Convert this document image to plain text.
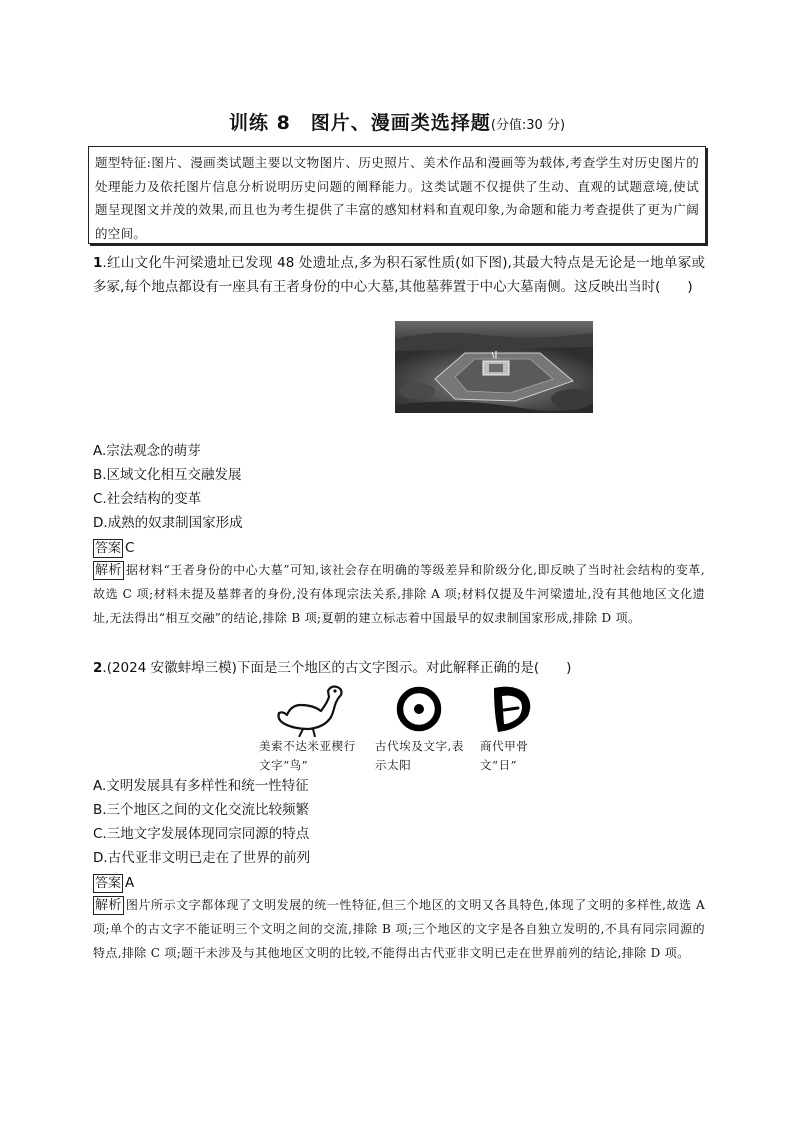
训练 8　图片、漫画类选择题(分值:30 分)

题型特征:图片、漫画类试题主要以文物图片、历史照片、美术作品和漫画等为载体,考查学生对历史图片的处理能力及依托图片信息分析说明历史问题的阐释能力。这类试题不仅提供了生动、直观的试题意境,使试题呈现图文并茂的效果,而且也为考生提供了丰富的感知材料和直观印象,为命题和能力考查提供了更为广阔的空间。

1.红山文化牛河梁遗址已发现 48 处遗址点,多为积石冢性质(如下图),其最大特点是无论是一地单冢或多冢,每个地点都设有一座具有王者身份的中心大墓,其他墓葬置于中心大墓南侧。这反映出当时(　　)

A.宗法观念的萌芽

B.区域文化相互交融发展

C.社会结构的变革

D.成熟的奴隶制国家形成

答案 C

解析 据材料“王者身份的中心大墓”可知,该社会存在明确的等级差异和阶级分化,即反映了当时社会结构的变革,故选 C 项;材料未提及墓葬者的身份,没有体现宗法关系,排除 A 项;材料仅提及牛河梁遗址,没有其他地区文化遗址,无法得出“相互交融”的结论,排除 B 项;夏朝的建立标志着中国最早的奴隶制国家形成,排除 D 项。

2.(2024 安徽蚌埠三模)下面是三个地区的古文字图示。对此解释正确的是(　　)

美索不达米亚楔行文字“鸟”

古代埃及文字,表示太阳

商代甲骨文“日”

A.文明发展具有多样性和统一性特征

B.三个地区之间的文化交流比较频繁

C.三地文字发展体现同宗同源的特点

D.古代亚非文明已走在了世界的前列

答案 A

解析 图片所示文字都体现了文明发展的统一性特征,但三个地区的文明又各具特色,体现了文明的多样性,故选 A 项;单个的古文字不能证明三个文明之间的交流,排除 B 项;三个地区的文字是各自独立发明的,不具有同宗同源的特点,排除 C 项;题干未涉及与其他地区文明的比较,不能得出古代亚非文明已走在世界前列的结论,排除 D 项。
